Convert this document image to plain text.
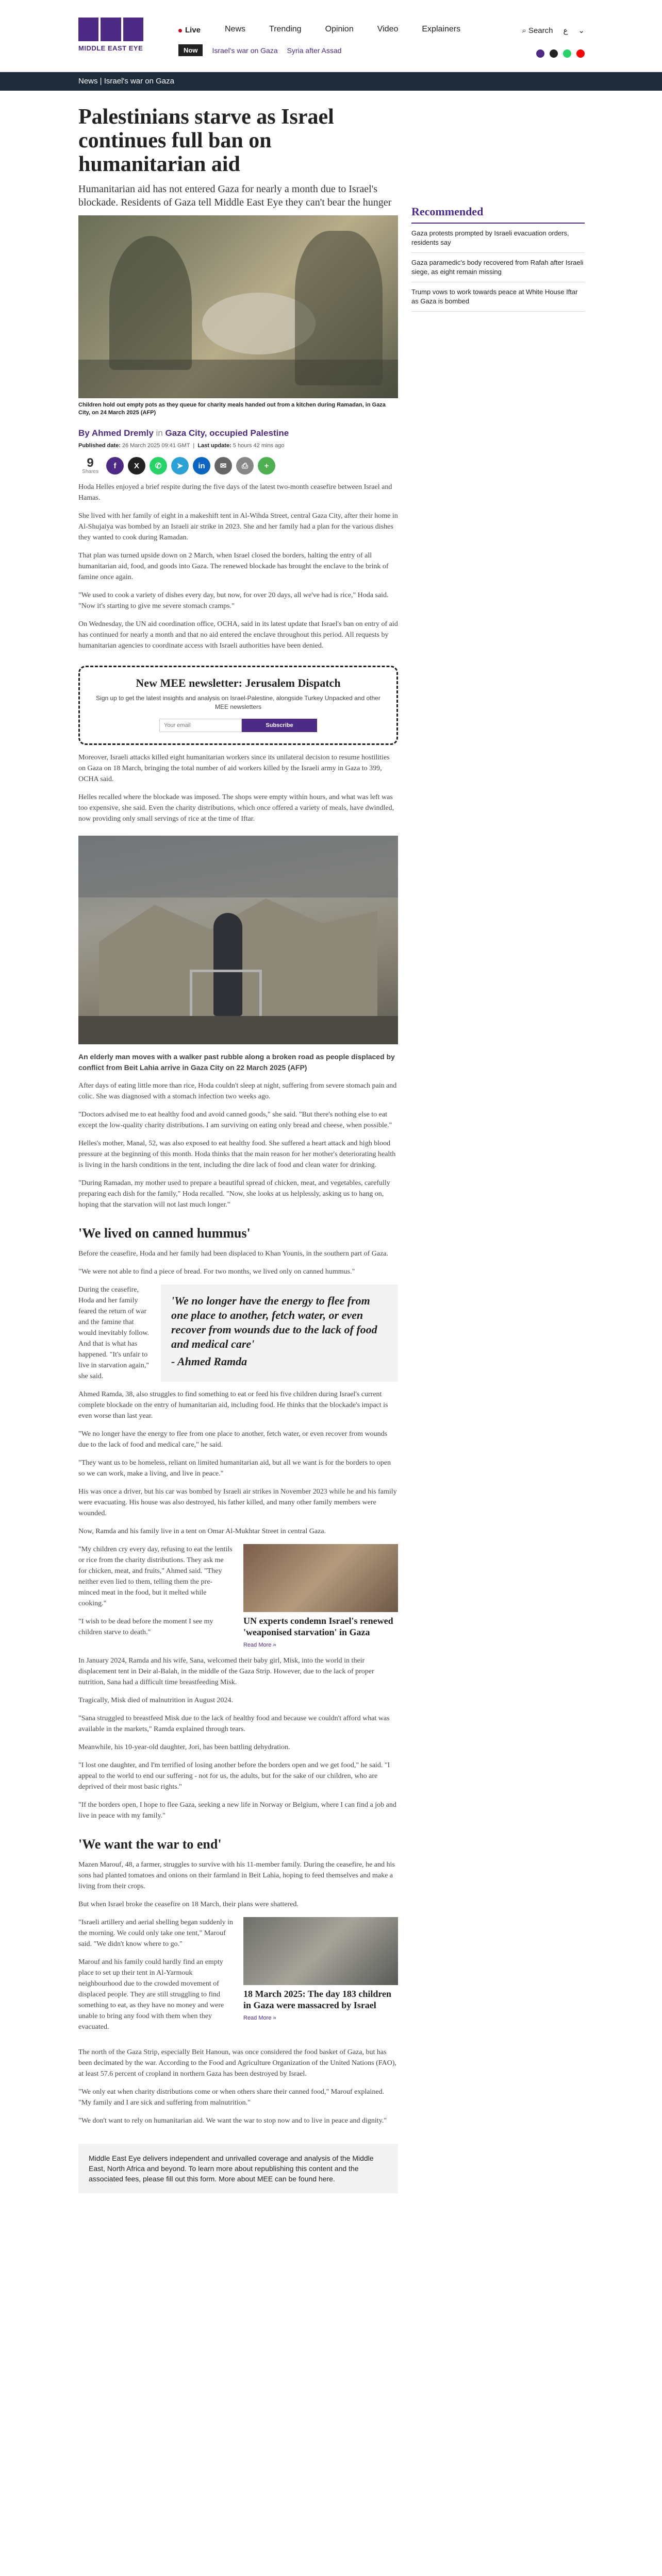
MIDDLE EAST EYE
Live	News	Trending	Opinion	Video	Explainers
Now	Israel's war on Gaza Syria after Assad
⌕ Search ع ⌄
News | Israel's war on Gaza
Palestinians starve as Israel continues full ban on humanitarian aid

Humanitarian aid has not entered Gaza for nearly a month due to Israel's blockade. Residents of Gaza tell Middle East Eye they can't bear the hunger

Children hold out empty pots as they queue for charity meals handed out from a kitchen during Ramadan, in Gaza City, on 24 March 2025 (AFP)

By Ahmed Dremly in Gaza City, occupied Palestine
Published date: 26 March 2025 09:41 GMT  |  Last update: 5 hours 42 mins ago
9
Shares
f	X	✆	➤	in	✉	⎙	+

Hoda Helles enjoyed a brief respite during the five days of the latest two-month ceasefire between Israel and Hamas.

She lived with her family of eight in a makeshift tent in Al-Wihda Street, central Gaza City, after their home in Al-Shujaiya was bombed by an Israeli air strike in 2023. She and her family had a plan for the various dishes they wanted to cook during Ramadan.

That plan was turned upside down on 2 March, when Israel closed the borders, halting the entry of all humanitarian aid, food, and goods into Gaza. The renewed blockade has brought the enclave to the brink of famine once again.

"We used to cook a variety of dishes every day, but now, for over 20 days, all we've had is rice," Hoda said. "Now it's starting to give me severe stomach cramps."

On Wednesday, the UN aid coordination office, OCHA, said in its latest update that Israel's ban on entry of aid has continued for nearly a month and that no aid entered the enclave throughout this period. All requests by humanitarian agencies to coordinate access with Israeli authorities have been denied.

New MEE newsletter: Jerusalem Dispatch

Sign up to get the latest insights and analysis on Israel-Palestine, alongside Turkey Unpacked and other MEE newsletters

Your email
Subscribe

Moreover, Israeli attacks killed eight humanitarian workers since its unilateral decision to resume hostilities on Gaza on 18 March, bringing the total number of aid workers killed by the Israeli army in Gaza to 399, OCHA said.

Helles recalled where the blockade was imposed. The shops were empty within hours, and what was left was too expensive, she said. Even the charity distributions, which once offered a variety of meals, have dwindled, now providing only small servings of rice at the time of Iftar.

An elderly man moves with a walker past rubble along a broken road as people displaced by conflict from Beit Lahia arrive in Gaza City on 22 March 2025 (AFP)

After days of eating little more than rice, Hoda couldn't sleep at night, suffering from severe stomach pain and colic. She was diagnosed with a stomach infection two weeks ago.

"Doctors advised me to eat healthy food and avoid canned goods," she said. "But there's nothing else to eat except the low-quality charity distributions. I am surviving on eating only bread and cheese, when possible."

Helles's mother, Manal, 52, was also exposed to eat healthy food. She suffered a heart attack and high blood pressure at the beginning of this month. Hoda thinks that the main reason for her mother's deteriorating health is living in the harsh conditions in the tent, including the dire lack of food and clean water for drinking.

"During Ramadan, my mother used to prepare a beautiful spread of chicken, meat, and vegetables, carefully preparing each dish for the family," Hoda recalled. "Now, she looks at us helplessly, asking us to hang on, hoping that the starvation will not last much longer."

'We lived on canned hummus'

Before the ceasefire, Hoda and her family had been displaced to Khan Younis, in the southern part of Gaza.

"We were not able to find a piece of bread. For two months, we lived only on canned hummus."

During the ceasefire, Hoda and her family feared the return of war and the famine that would inevitably follow. And that is what has happened. "It's unfair to live in starvation again," she said.

'We no longer have the energy to flee from one place to another, fetch water, or even recover from wounds due to the lack of food and medical care'
- Ahmed Ramda

Ahmed Ramda, 38, also struggles to find something to eat or feed his five children during Israel's current complete blockade on the entry of humanitarian aid, including food. He thinks that the blockade's impact is even worse than last year.

"We no longer have the energy to flee from one place to another, fetch water, or even recover from wounds due to the lack of food and medical care," he said.

"They want us to be homeless, reliant on limited humanitarian aid, but all we want is for the borders to open so we can work, make a living, and live in peace."

His was once a driver, but his car was bombed by Israeli air strikes in November 2023 while he and his family were evacuating. His house was also destroyed, his father killed, and many other family members were wounded.

Now, Ramda and his family live in a tent on Omar Al-Mukhtar Street in central Gaza.

"My children cry every day, refusing to eat the lentils or rice from the charity distributions. They ask me for chicken, meat, and fruits," Ahmed said. "They neither even lied to them, telling them the pre-minced meat in the food, but it melted while cooking."

"I wish to be dead before the moment I see my children starve to death."

UN experts condemn Israel's renewed 'weaponised starvation' in Gaza
Read More »

In January 2024, Ramda and his wife, Sana, welcomed their baby girl, Misk, into the world in their displacement tent in Deir al-Balah, in the middle of the Gaza Strip. However, due to the lack of proper nutrition, Sana had a difficult time breastfeeding Misk.

Tragically, Misk died of malnutrition in August 2024.

"Sana struggled to breastfeed Misk due to the lack of healthy food and because we couldn't afford what was available in the markets," Ramda explained through tears.

Meanwhile, his 10-year-old daughter, Jori, has been battling dehydration.

"I lost one daughter, and I'm terrified of losing another before the borders open and we get food," he said. "I appeal to the world to end our suffering - not for us, the adults, but for the sake of our children, who are deprived of their most basic rights."

"If the borders open, I hope to flee Gaza, seeking a new life in Norway or Belgium, where I can find a job and live in peace with my family."

'We want the war to end'

Mazen Marouf, 48, a farmer, struggles to survive with his 11-member family. During the ceasefire, he and his sons had planted tomatoes and onions on their farmland in Beit Lahia, hoping to feed themselves and make a living from their crops.

But when Israel broke the ceasefire on 18 March, their plans were shattered.

"Israeli artillery and aerial shelling began suddenly in the morning. We could only take one tent," Marouf said. "We didn't know where to go."

Marouf and his family could hardly find an empty place to set up their tent in Al-Yarmouk neighbourhood due to the crowded movement of displaced people. They are still struggling to find something to eat, as they have no money and were unable to bring any food with them when they evacuated.

18 March 2025: The day 183 children in Gaza were massacred by Israel
Read More »

The north of the Gaza Strip, especially Beit Hanoun, was once considered the food basket of Gaza, but has been decimated by the war. According to the Food and Agriculture Organization of the United Nations (FAO), at least 57.6 percent of cropland in northern Gaza has been destroyed by Israel.

"We only eat when charity distributions come or when others share their canned food," Marouf explained. "My family and I are sick and suffering from malnutrition."

"We don't want to rely on humanitarian aid. We want the war to stop now and to live in peace and dignity."

Middle East Eye delivers independent and unrivalled coverage and analysis of the Middle East, North Africa and beyond. To learn more about republishing this content and the associated fees, please fill out this form. More about MEE can be found here.
Recommended
Gaza protests prompted by Israeli evacuation orders, residents say
Gaza paramedic's body recovered from Rafah after Israeli siege, as eight remain missing
Trump vows to work towards peace at White House Iftar as Gaza is bombed
